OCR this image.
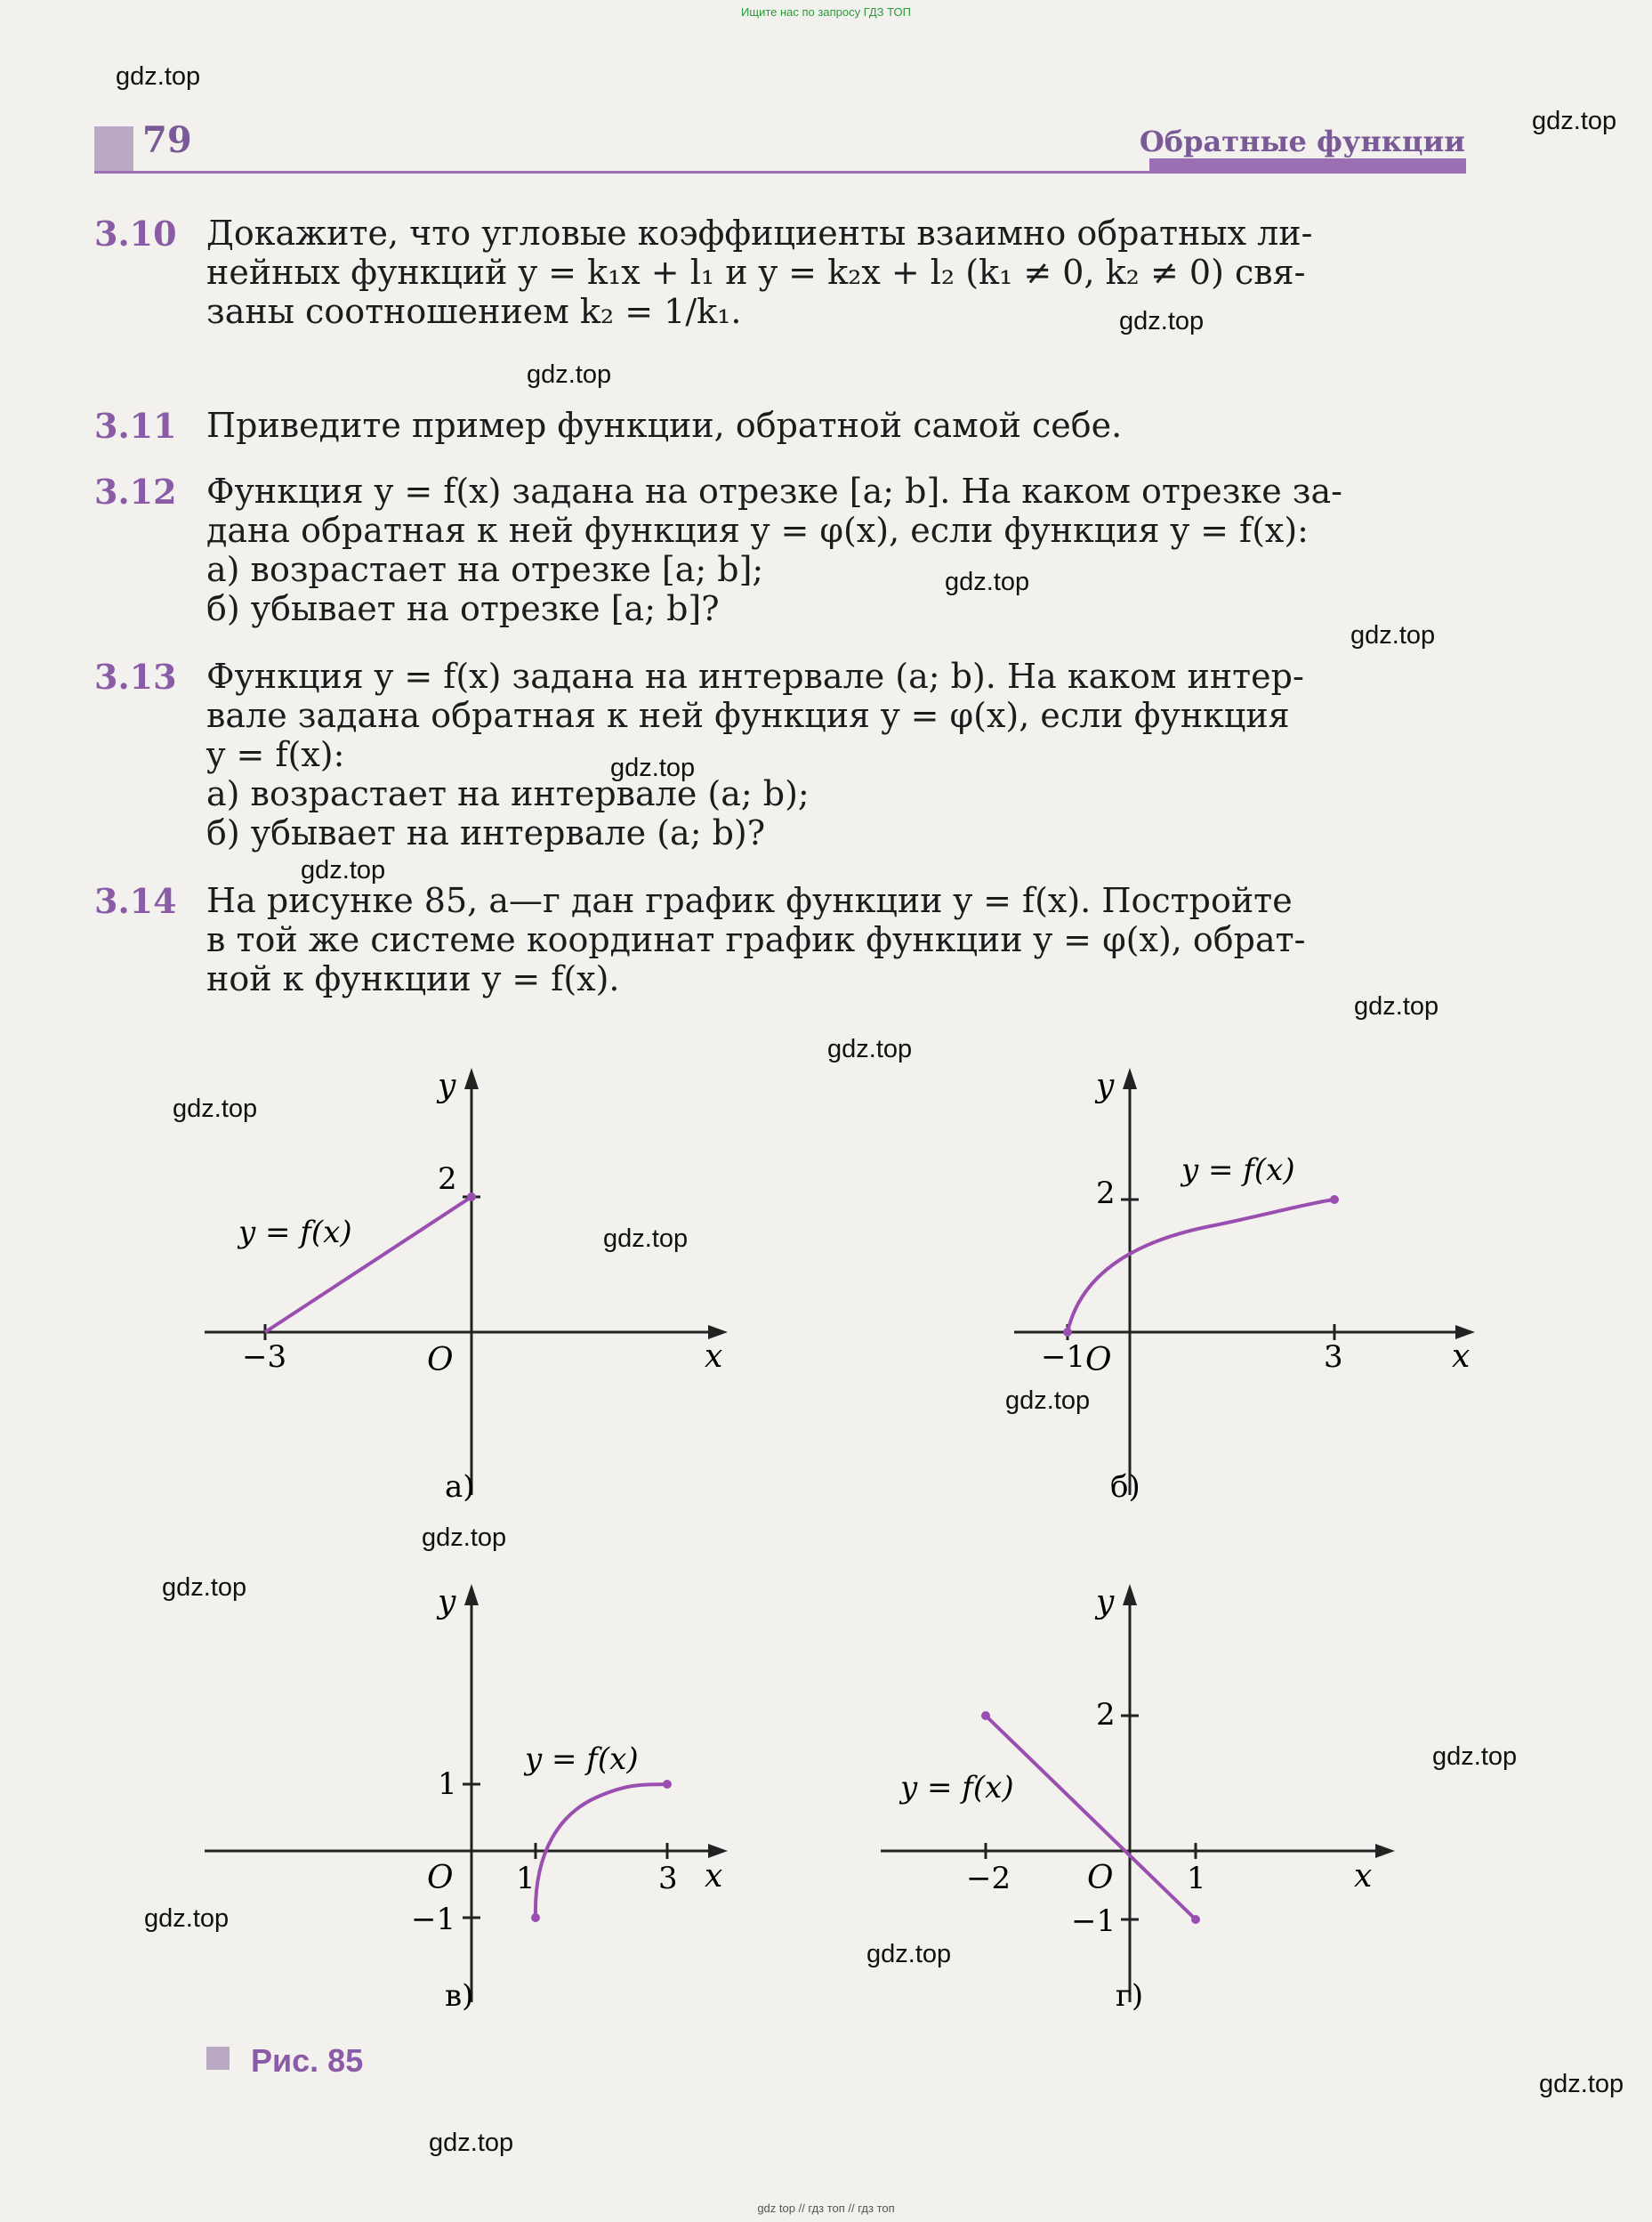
Ищите нас по запросу ГДЗ ТОП
gdz.top
gdz.top
gdz.top
gdz.top
gdz.top
gdz.top
gdz.top
gdz.top
gdz.top
gdz.top
gdz.top
gdz.top
gdz.top
gdz.top
gdz.top
gdz.top
gdz.top
gdz.top
gdz.top
gdz.top
79	Обратные функции
3.10 Докажите, что угловые коэффициенты взаимно обратных ли-
нейных функций y = k₁x + l₁ и y = k₂x + l₂ (k₁ ≠ 0, k₂ ≠ 0) свя-
заны соотношением k₂ = 1/k₁.
3.11 Приведите пример функции, обратной самой себе.
3.12 Функция y = f(x) задана на отрезке [a; b]. На каком отрезке за-
дана обратная к ней функция y = φ(x), если функция y = f(x):
а) возрастает на отрезке [a; b];
б) убывает на отрезке [a; b]?
3.13 Функция y = f(x) задана на интервале (a; b). На каком интер-
вале задана обратная к ней функция y = φ(x), если функция
y = f(x):
а) возрастает на интервале (a; b);
б) убывает на интервале (a; b)?
3.14 На рисунке 85, а—г дан график функции y = f(x). Постройте
в той же системе координат график функции y = φ(x), обрат-
ной к функции y = f(x).
y
x
O
−3
2
y = f(x)
а)
y
x
O
−1	3
2
y = f(x)
б)
y
x
O 1	3
1
−1
y = f(x)
в)
y
x
O
−2	1
2
−1
y = f(x)
г)
Рис. 85
gdz top // гдз топ // гдз топ
